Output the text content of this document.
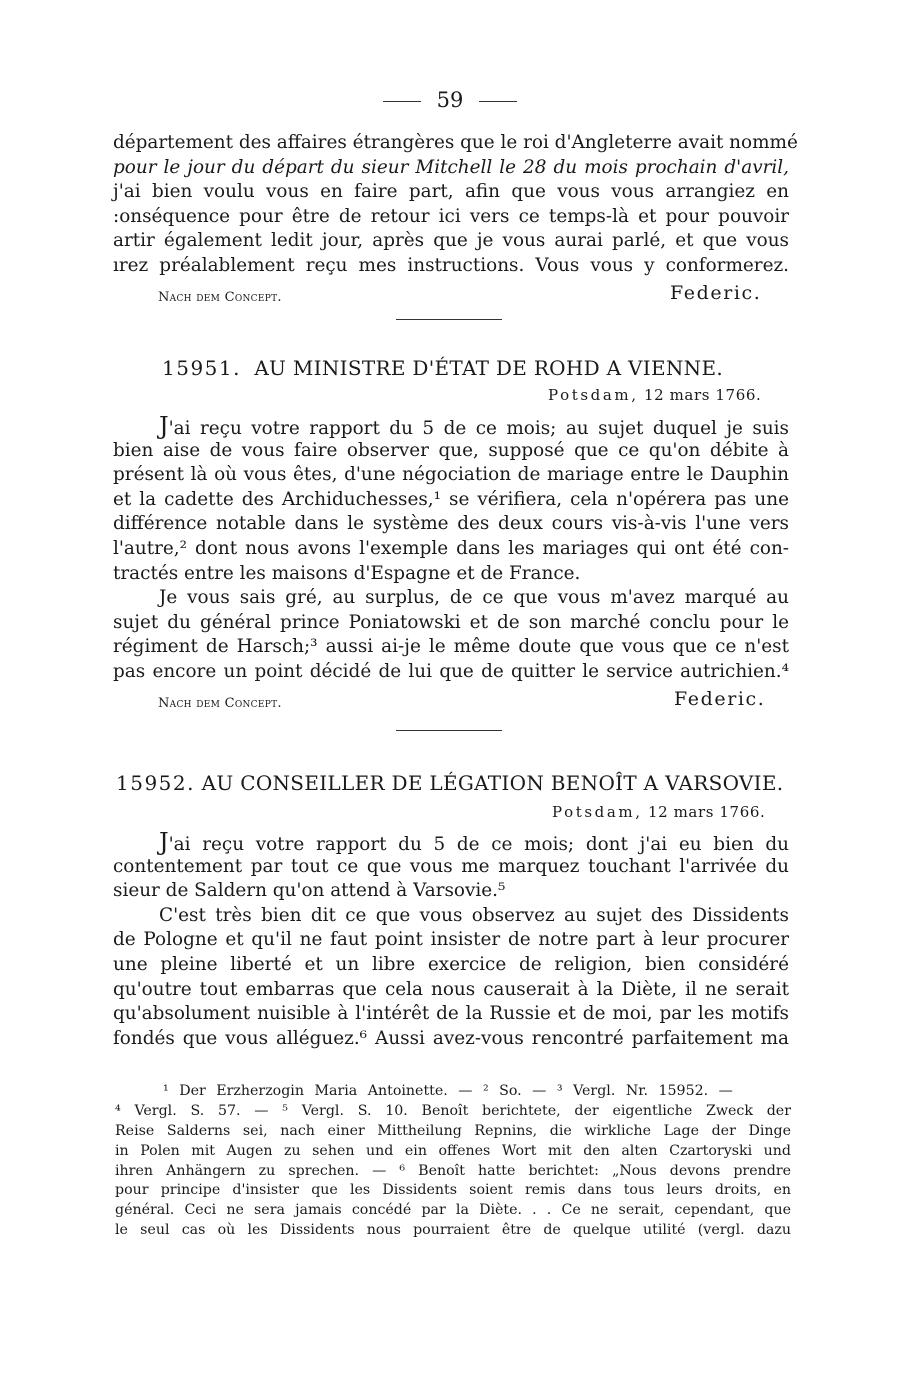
59
département des affaires étrangères que le roi d'Angleterre avait nommé
pour le jour du départ du sieur Mitchell le 28 du mois prochain d'avril,
j'ai bien voulu vous en faire part, afin que vous vous arrangiez en
:onséquence pour être de retour ici vers ce temps-là et pour pouvoir
artir également ledit jour, après que je vous aurai parlé, et que vous
ırez préalablement reçu mes instructions. Vous vous y conformerez.
Nach dem Concept.	Federic.
15951. AU MINISTRE D'ÉTAT DE ROHD A VIENNE.
Potsdam, 12 mars 1766.
J'ai reçu votre rapport du 5 de ce mois; au sujet duquel je suis
bien aise de vous faire observer que, supposé que ce qu'on débite à
présent là où vous êtes, d'une négociation de mariage entre le Dauphin
et la cadette des Archiduchesses,¹ se vérifiera, cela n'opérera pas une
différence notable dans le système des deux cours vis-à-vis l'une vers
l'autre,² dont nous avons l'exemple dans les mariages qui ont été con-
tractés entre les maisons d'Espagne et de France.
Je vous sais gré, au surplus, de ce que vous m'avez marqué au
sujet du général prince Poniatowski et de son marché conclu pour le
régiment de Harsch;³ aussi ai-je le même doute que vous que ce n'est
pas encore un point décidé de lui que de quitter le service autrichien.⁴
Nach dem Concept.	Federic.
15952. AU CONSEILLER DE LÉGATION BENOÎT A VARSOVIE.
Potsdam, 12 mars 1766.
J'ai reçu votre rapport du 5 de ce mois; dont j'ai eu bien du
contentement par tout ce que vous me marquez touchant l'arrivée du
sieur de Saldern qu'on attend à Varsovie.⁵
C'est très bien dit ce que vous observez au sujet des Dissidents
de Pologne et qu'il ne faut point insister de notre part à leur procurer
une pleine liberté et un libre exercice de religion, bien considéré
qu'outre tout embarras que cela nous causerait à la Diète, il ne serait
qu'absolument nuisible à l'intérêt de la Russie et de moi, par les motifs
fondés que vous alléguez.⁶ Aussi avez-vous rencontré parfaitement ma
¹ Der Erzherzogin Maria Antoinette. — ² So. — ³ Vergl. Nr. 15952. —
⁴ Vergl. S. 57. — ⁵ Vergl. S. 10. Benoît berichtete, der eigentliche Zweck der
Reise Salderns sei, nach einer Mittheilung Repnins, die wirkliche Lage der Dinge
in Polen mit Augen zu sehen und ein offenes Wort mit den alten Czartoryski und
ihren Anhängern zu sprechen. — ⁶ Benoît hatte berichtet: „Nous devons prendre
pour principe d'insister que les Dissidents soient remis dans tous leurs droits, en
général. Ceci ne sera jamais concédé par la Diète. . . Ce ne serait, cependant, que
le seul cas où les Dissidents nous pourraient être de quelque utilité (vergl. dazu
